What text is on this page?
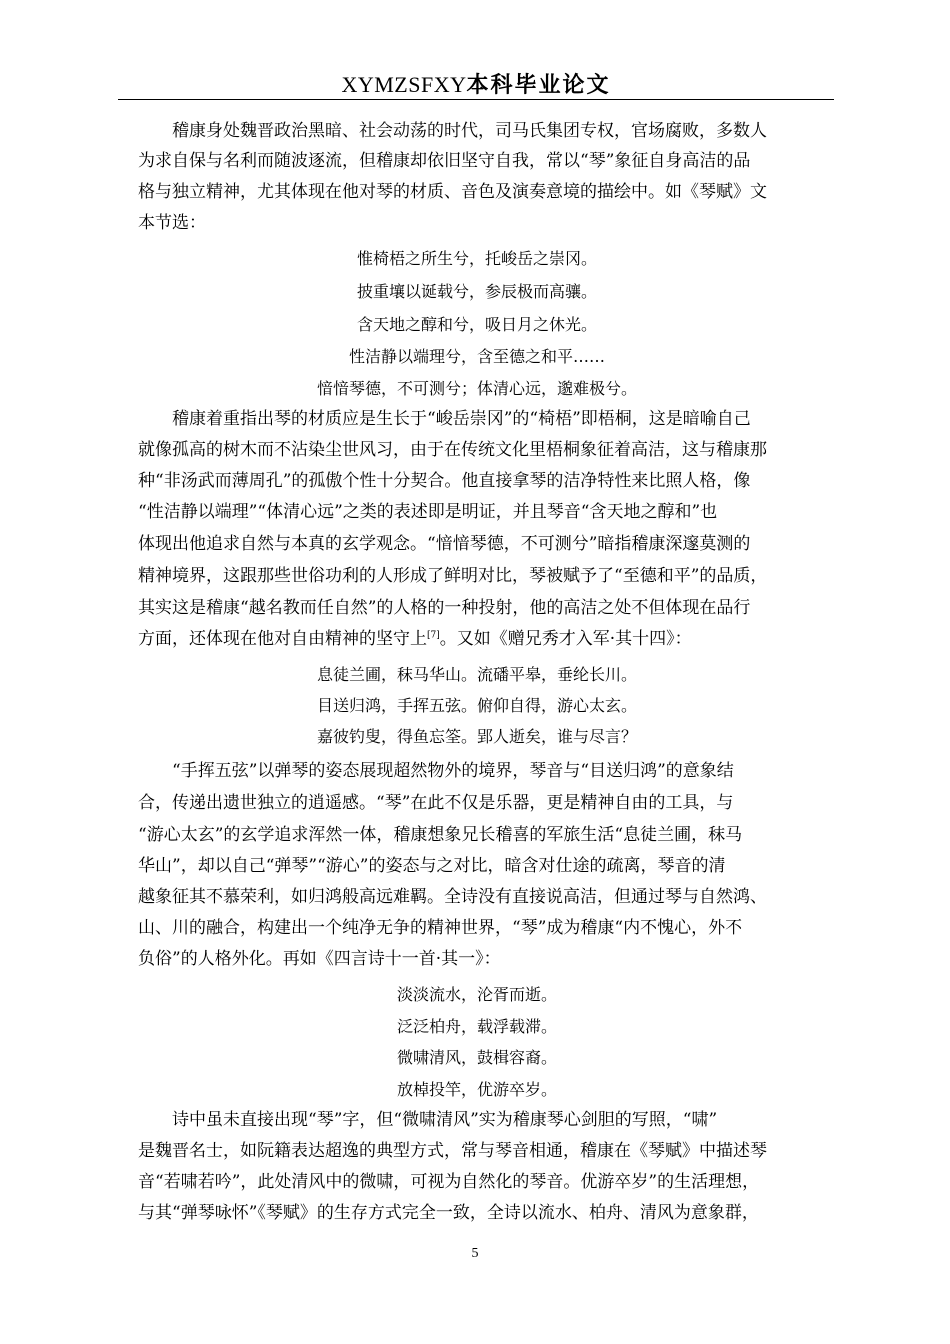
XYMZSFXY本科毕业论文

稽康身处魏晋政治黑暗、社会动荡的时代，司马氏集团专权，官场腐败，多数人

为求自保与名利而随波逐流，但稽康却依旧坚守自我，常以“琴”象征自身高洁的品

格与独立精神，尤其体现在他对琴的材质、音色及演奏意境的描绘中。如《琴赋》文

本节选：

惟椅梧之所生兮，托峻岳之崇冈。

披重壤以诞载兮，参辰极而高骧。

含天地之醇和兮，吸日月之休光。

性洁静以端理兮，含至德之和平……

愔愔琴德，不可测兮；体清心远，邈难极兮。

稽康着重指出琴的材质应是生长于“峻岳崇冈”的“椅梧”即梧桐，这是暗喻自己

就像孤高的树木而不沾染尘世风习，由于在传统文化里梧桐象征着高洁，这与稽康那

种“非汤武而薄周孔”的孤傲个性十分契合。他直接拿琴的洁净特性来比照人格，像

“性洁静以端理”“体清心远”之类的表述即是明证，并且琴音“含天地之醇和”也

体现出他追求自然与本真的玄学观念。“愔愔琴德，不可测兮”暗指稽康深邃莫测的

精神境界，这跟那些世俗功利的人形成了鲜明对比，琴被赋予了“至德和平”的品质，

其实这是稽康“越名教而任自然”的人格的一种投射，他的高洁之处不但体现在品行

方面，还体现在他对自由精神的坚守上[7]。又如《赠兄秀才入军·其十四》：

息徒兰圃，秣马华山。流磻平皋，垂纶长川。

目送归鸿，手挥五弦。俯仰自得，游心太玄。

嘉彼钓叟，得鱼忘筌。郢人逝矣，谁与尽言？

“手挥五弦”以弹琴的姿态展现超然物外的境界，琴音与“目送归鸿”的意象结

合，传递出遗世独立的逍遥感。“琴”在此不仅是乐器，更是精神自由的工具，与

“游心太玄”的玄学追求浑然一体，稽康想象兄长稽喜的军旅生活“息徒兰圃，秣马

华山”，却以自己“弹琴”“游心”的姿态与之对比，暗含对仕途的疏离，琴音的清

越象征其不慕荣利，如归鸿般高远难羁。全诗没有直接说高洁，但通过琴与自然鸿、

山、川的融合，构建出一个纯净无争的精神世界，“琴”成为稽康“内不愧心，外不

负俗”的人格外化。再如《四言诗十一首·其一》：

淡淡流水，沦胥而逝。

泛泛柏舟，载浮载滞。

微啸清风，鼓楫容裔。

放棹投竿，优游卒岁。

诗中虽未直接出现“琴”字，但“微啸清风”实为稽康琴心剑胆的写照，“啸”

是魏晋名士，如阮籍表达超逸的典型方式，常与琴音相通，稽康在《琴赋》中描述琴

音“若啸若吟”，此处清风中的微啸，可视为自然化的琴音。优游卒岁”的生活理想，

与其“弹琴咏怀”《琴赋》的生存方式完全一致，全诗以流水、柏舟、清风为意象群，

5
